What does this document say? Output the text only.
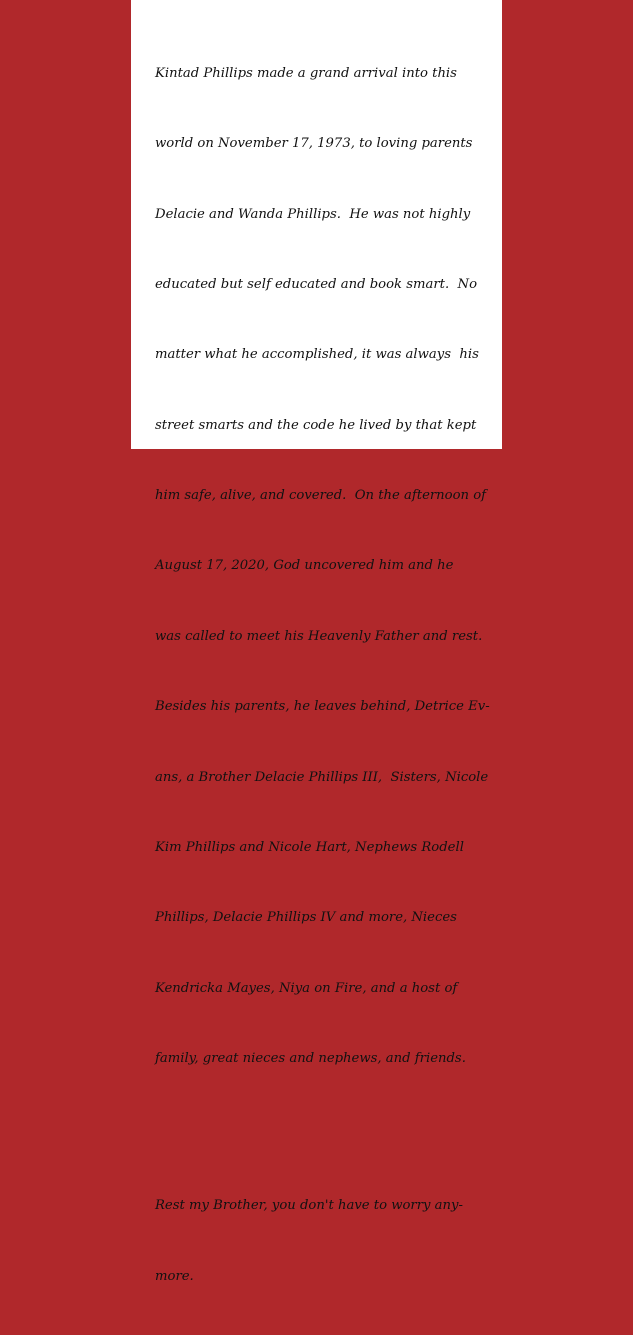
Kintad Phillips made a grand arrival into this

world on November 17, 1973, to loving parents

Delacie and Wanda Phillips.  He was not highly

educated but self educated and book smart.  No

matter what he accomplished, it was always  his

street smarts and the code he lived by that kept

him safe, alive, and covered.  On the afternoon of

August 17, 2020, God uncovered him and he

was called to meet his Heavenly Father and rest.

Besides his parents, he leaves behind, Detrice Ev-

ans, a Brother Delacie Phillips III,  Sisters, Nicole

Kim Phillips and Nicole Hart, Nephews Rodell

Phillips, Delacie Phillips IV and more, Nieces

Kendricka Mayes, Niya on Fire, and a host of

family, great nieces and nephews, and friends.

Rest my Brother, you don't have to worry any-

more.
